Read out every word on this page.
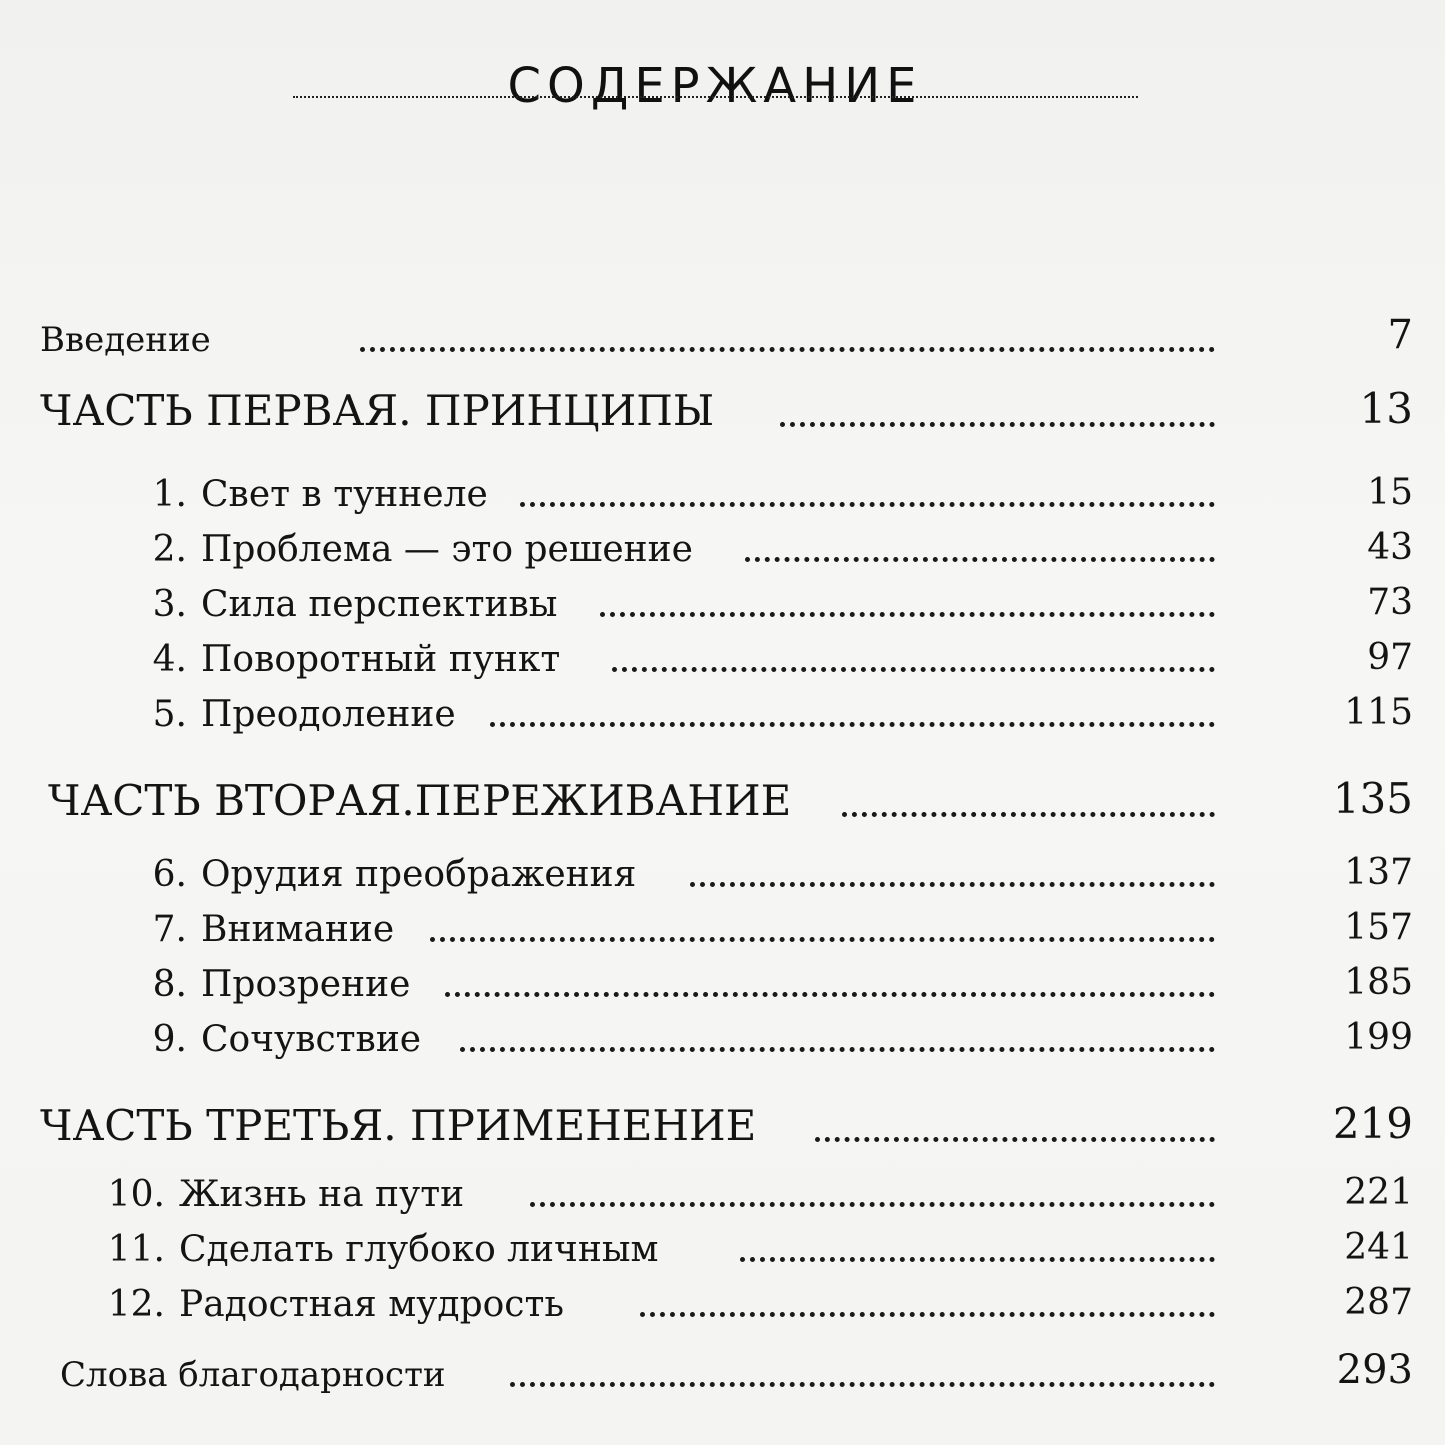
СОДЕРЖАНИЕ
Введение	7
ЧАСТЬ ПЕРВАЯ. ПРИНЦИПЫ	13
1. Свет в туннеле	15
2. Проблема — это решение	43
3. Сила перспективы	73
4. Поворотный пункт	97
5. Преодоление	115
ЧАСТЬ ВТОРАЯ.ПЕРЕЖИВАНИЕ	135
6. Орудия преображения	137
7. Внимание	157
8. Прозрение	185
9. Сочувствие	199
ЧАСТЬ ТРЕТЬЯ. ПРИМЕНЕНИЕ	219
10. Жизнь на пути	221
11. Сделать глубоко личным	241
12. Радостная мудрость	287
Слова благодарности	293
